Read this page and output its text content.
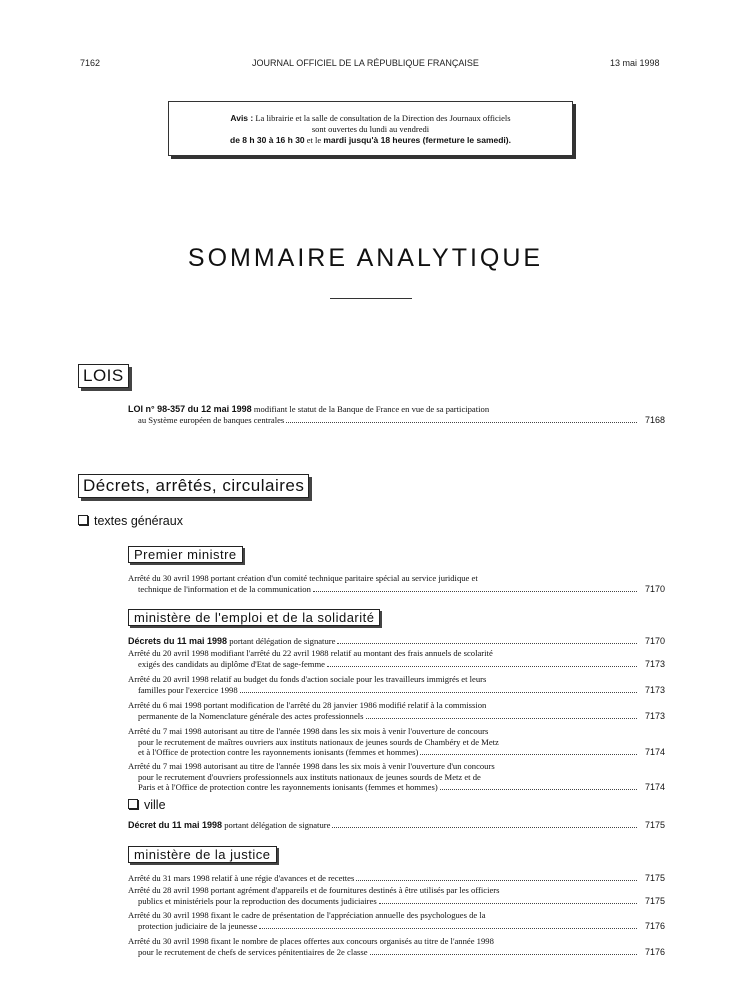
7162	JOURNAL OFFICIEL DE LA RÉPUBLIQUE FRANÇAISE	13 mai 1998
Avis : La librairie et la salle de consultation de la Direction des Journaux officiels
sont ouvertes du lundi au vendredi
de 8 h 30 à 16 h 30 et le mardi jusqu'à 18 heures (fermeture le samedi).
SOMMAIRE ANALYTIQUE
LOIS
LOI n° 98-357 du 12 mai 1998 modifiant le statut de la Banque de France en vue de sa participation
au Système européen de banques centrales	7168
Décrets, arrêtés, circulaires
textes généraux
Premier ministre
Arrêté du 30 avril 1998 portant création d'un comité technique paritaire spécial au service juridique et
technique de l'information et de la communication	7170
ministère de l'emploi et de la solidarité
Décrets du 11 mai 1998 portant délégation de signature	7170
Arrêté du 20 avril 1998 modifiant l'arrêté du 22 avril 1988 relatif au montant des frais annuels de scolarité
exigés des candidats au diplôme d'Etat de sage-femme	7173
Arrêté du 20 avril 1998 relatif au budget du fonds d'action sociale pour les travailleurs immigrés et leurs
familles pour l'exercice 1998	7173
Arrêté du 6 mai 1998 portant modification de l'arrêté du 28 janvier 1986 modifié relatif à la commission
permanente de la Nomenclature générale des actes professionnels	7173
Arrêté du 7 mai 1998 autorisant au titre de l'année 1998 dans les six mois à venir l'ouverture de concours
pour le recrutement de maîtres ouvriers aux instituts nationaux de jeunes sourds de Chambéry et de Metz
et à l'Office de protection contre les rayonnements ionisants (femmes et hommes)	7174
Arrêté du 7 mai 1998 autorisant au titre de l'année 1998 dans les six mois à venir l'ouverture d'un concours
pour le recrutement d'ouvriers professionnels aux instituts nationaux de jeunes sourds de Metz et de
Paris et à l'Office de protection contre les rayonnements ionisants (femmes et hommes)	7174
ville
Décret du 11 mai 1998 portant délégation de signature	7175
ministère de la justice
Arrêté du 31 mars 1998 relatif à une régie d'avances et de recettes	7175
Arrêté du 28 avril 1998 portant agrément d'appareils et de fournitures destinés à être utilisés par les officiers
publics et ministériels pour la reproduction des documents judiciaires	7175
Arrêté du 30 avril 1998 fixant le cadre de présentation de l'appréciation annuelle des psychologues de la
protection judiciaire de la jeunesse	7176
Arrêté du 30 avril 1998 fixant le nombre de places offertes aux concours organisés au titre de l'année 1998
pour le recrutement de chefs de services pénitentiaires de 2e classe	7176
